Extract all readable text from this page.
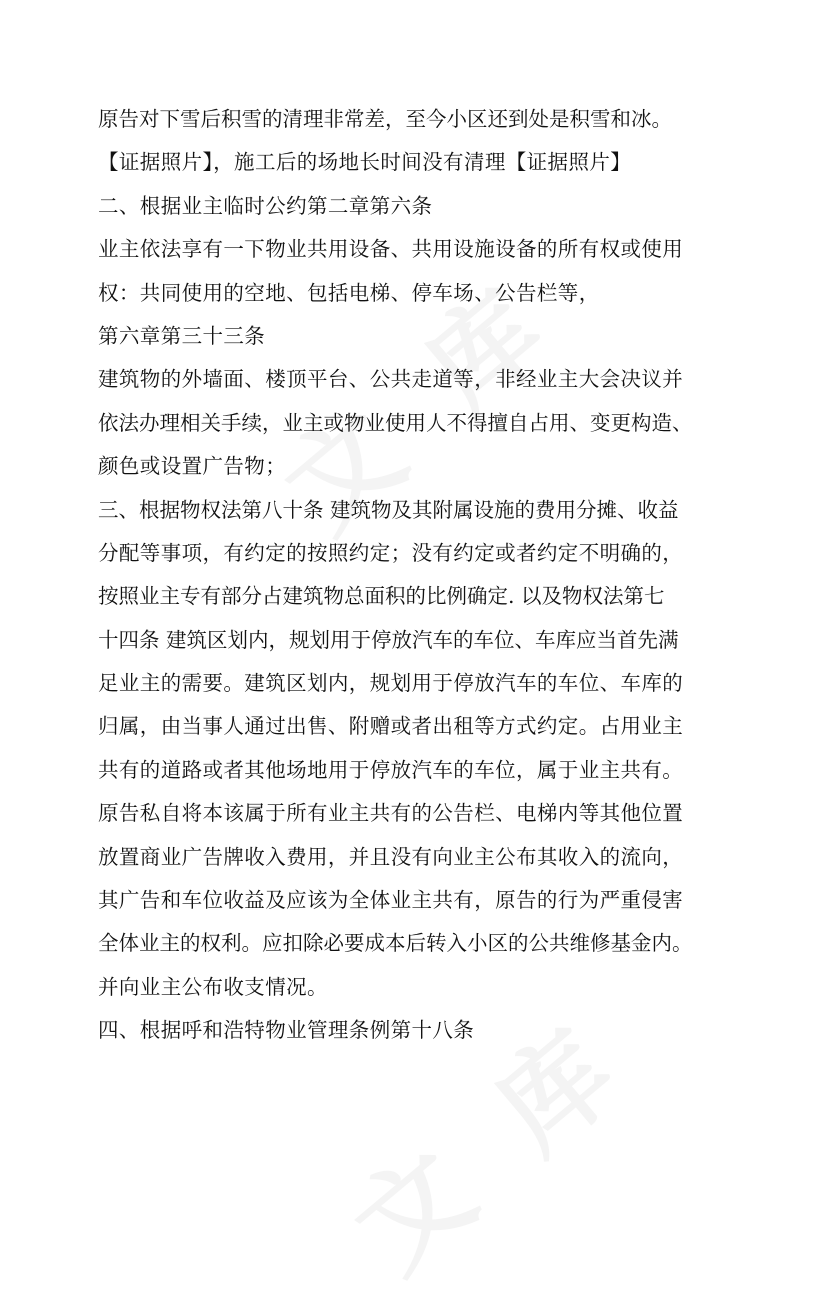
原告对下雪后积雪的清理非常差，至今小区还到处是积雪和冰。
【证据照片】，施工后的场地长时间没有清理【证据照片】
二、根据业主临时公约第二章第六条
业主依法享有一下物业共用设备、共用设施设备的所有权或使用
权：共同使用的空地、包括电梯、停车场、公告栏等，
第六章第三十三条
建筑物的外墙面、楼顶平台、公共走道等，非经业主大会决议并
依法办理相关手续，业主或物业使用人不得擅自占用、变更构造、
颜色或设置广告物；
三、根据物权法第八十条 建筑物及其附属设施的费用分摊、收益
分配等事项，有约定的按照约定；没有约定或者约定不明确的，
按照业主专有部分占建筑物总面积的比例确定. 以及物权法第七
十四条 建筑区划内，规划用于停放汽车的车位、车库应当首先满
足业主的需要。建筑区划内，规划用于停放汽车的车位、车库的
归属，由当事人通过出售、附赠或者出租等方式约定。占用业主
共有的道路或者其他场地用于停放汽车的车位，属于业主共有。
原告私自将本该属于所有业主共有的公告栏、电梯内等其他位置
放置商业广告牌收入费用，并且没有向业主公布其收入的流向，
其广告和车位收益及应该为全体业主共有，原告的行为严重侵害
全体业主的权利。应扣除必要成本后转入小区的公共维修基金内。
并向业主公布收支情况。
四、根据呼和浩特物业管理条例第十八条
